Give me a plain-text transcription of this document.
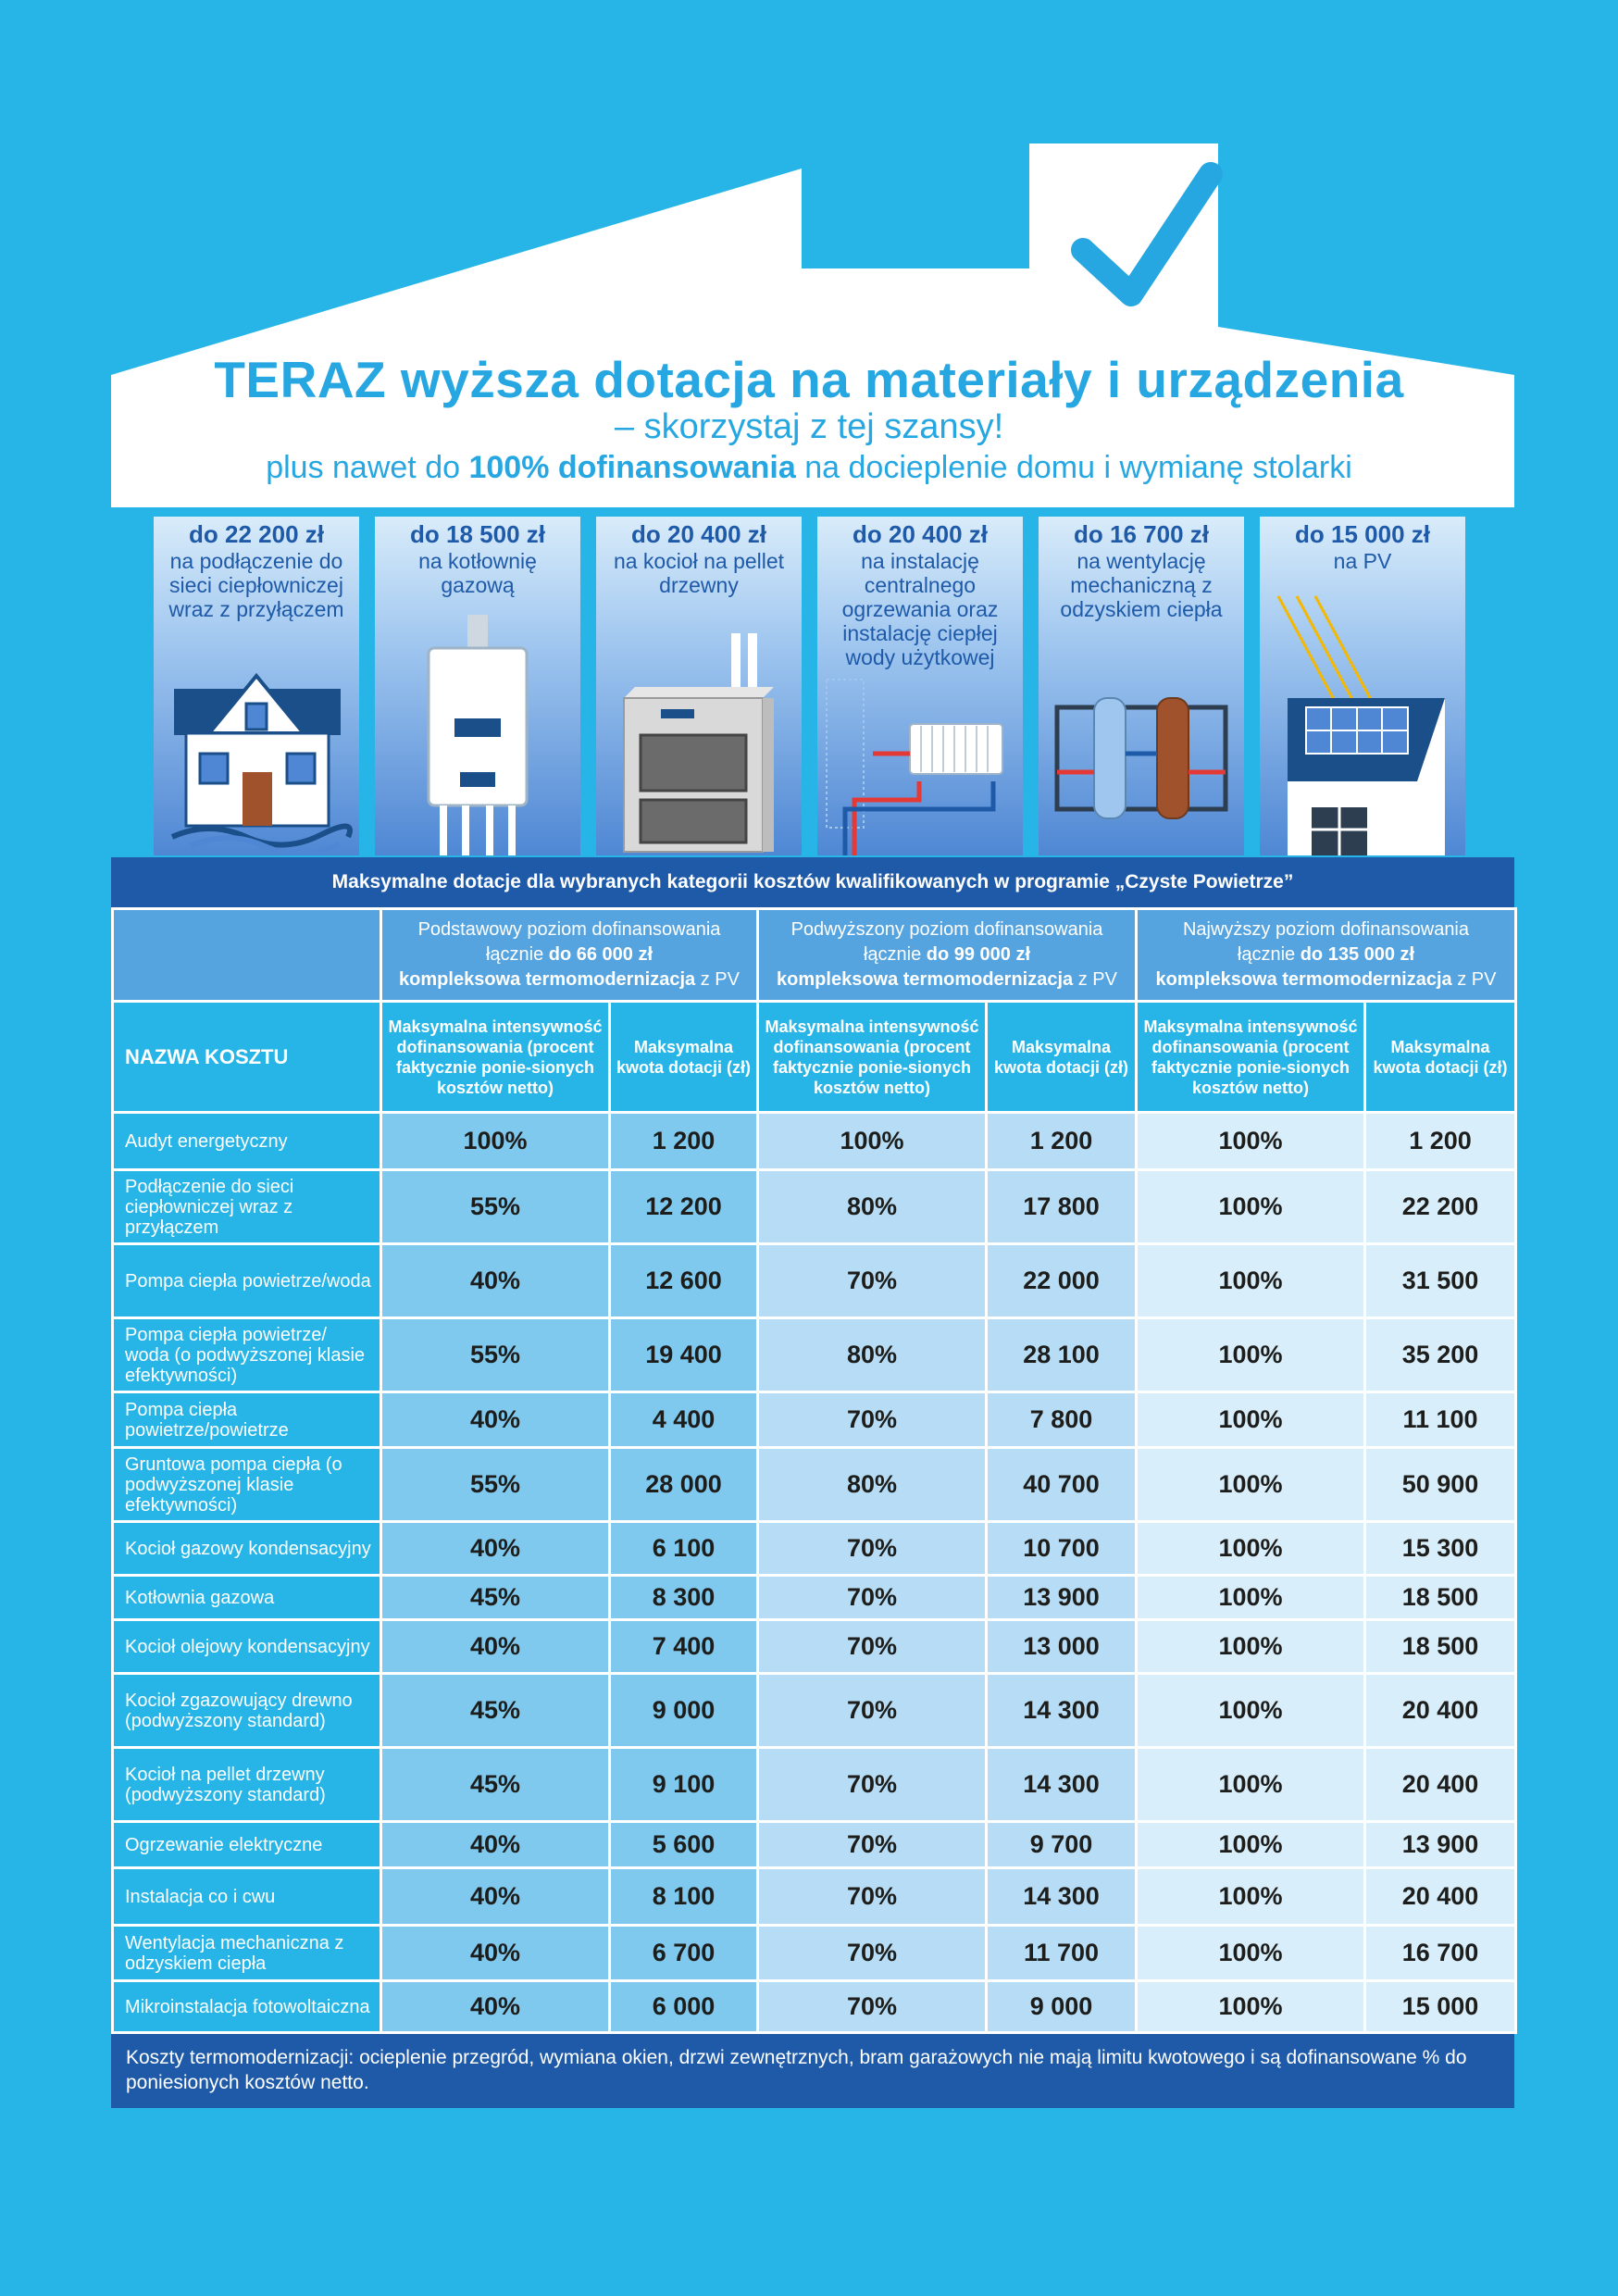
TERAZ wyższa dotacja na materiały i urządzenia
– skorzystaj z tej szansy!
plus nawet do 100% dofinansowania na docieplenie domu i wymianę stolarki
do 22 200 zł
na podłączenie do sieci ciepłowniczej wraz z przyłączem
do 18 500 zł
na kotłownię gazową
do 20 400 zł
na kocioł na pellet drzewny
do 20 400 zł
na instalację centralnego ogrzewania oraz instalację ciepłej wody użytkowej
do 16 700 zł
na wentylację mechaniczną z odzyskiem ciepła
do 15 000 zł
na PV
Maksymalne dotacje dla wybranych kategorii kosztów kwalifikowanych w programie „Czyste Powietrze”
	Podstawowy poziom dofinansowania
łącznie do 66 000 zł
kompleksowa termomodernizacja z PV		Podwyższony poziom dofinansowania
łącznie do 99 000 zł
kompleksowa termomodernizacja z PV		Najwyższy poziom dofinansowania
łącznie do 135 000 zł
kompleksowa termomodernizacja z PV	
NAZWA KOSZTU	Maksymalna intensywność dofinansowania (procent faktycznie ponie-sionych kosztów netto)	Maksymalna kwota dotacji (zł)	Maksymalna intensywność dofinansowania (procent faktycznie ponie-sionych kosztów netto)	Maksymalna kwota dotacji (zł)	Maksymalna intensywność dofinansowania (procent faktycznie ponie-sionych kosztów netto)	Maksymalna kwota dotacji (zł)
Audyt energetyczny	100%	1 200	100%	1 200	100%	1 200
Podłączenie do sieci ciepłowniczej wraz z przyłączem	55%	12 200	80%	17 800	100%	22 200
Pompa ciepła powietrze/woda	40%	12 600	70%	22 000	100%	31 500
Pompa ciepła powietrze/ woda (o podwyższonej klasie efektywności)	55%	19 400	80%	28 100	100%	35 200
Pompa ciepła powietrze/powietrze	40%	4 400	70%	7 800	100%	11 100
Gruntowa pompa ciepła (o podwyższonej klasie efektywności)	55%	28 000	80%	40 700	100%	50 900
Kocioł gazowy kondensacyjny	40%	6 100	70%	10 700	100%	15 300
Kotłownia gazowa	45%	8 300	70%	13 900	100%	18 500
Kocioł olejowy kondensacyjny	40%	7 400	70%	13 000	100%	18 500
Kocioł zgazowujący drewno (podwyższony standard)	45%	9 000	70%	14 300	100%	20 400
Kocioł na pellet drzewny (podwyższony standard)	45%	9 100	70%	14 300	100%	20 400
Ogrzewanie elektryczne	40%	5 600	70%	9 700	100%	13 900
Instalacja co i cwu	40%	8 100	70%	14 300	100%	20 400
Wentylacja mechaniczna z odzyskiem ciepła	40%	6 700	70%	11 700	100%	16 700
Mikroinstalacja fotowoltaiczna	40%	6 000	70%	9 000	100%	15 000
Koszty termomodernizacji: ocieplenie przegród, wymiana okien, drzwi zewnętrznych, bram garażowych nie mają limitu kwotowego i są dofinansowane % do poniesionych kosztów netto.
